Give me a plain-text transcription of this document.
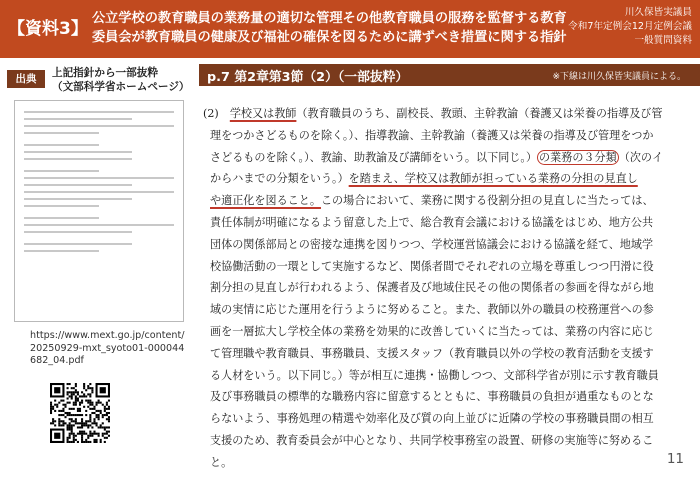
【資料3】
公立学校の教育職員の業務量の適切な管理その他教育職員の服務を監督する教育
委員会が教育職員の健康及び福祉の確保を図るために講ずべき措置に関する指針
川久保皆実議員
令和7年定例会12月定例会議
一般質問資料
出典	上記指針から一部抜粋
（文部科学省ホームページ）
https://www.mext.go.jp/content/20250929-mxt_syoto01-000044682_04.pdf
p.7 第2章第3節（2）（一部抜粋）	※下線は川久保皆実議員による。
(2)　学校又は教師（教育職員のうち、副校長、教頭、主幹教諭（養護又は栄養の指導及び管
理をつかさどるものを除く。）、指導教諭、主幹教諭（養護又は栄養の指導及び管理をつか
さどるものを除く。）、教諭、助教諭及び講師をいう。以下同じ。） の業務の３分類 （次のイ
からハまでの分類をいう。）を踏まえ、学校又は教師が担っている業務の分担の見直し
や適正化を図ること。この場合において、業務に関する役割分担の見直しに当たっては、
責任体制が明確になるよう留意した上で、総合教育会議における協議をはじめ、地方公共
団体の関係部局との密接な連携を図りつつ、学校運営協議会における協議を経て、地域学
校協働活動の一環として実施するなど、関係者間でそれぞれの立場を尊重しつつ円滑に役
割分担の見直しが行われるよう、保護者及び地域住民その他の関係者の参画を得ながら地
域の実情に応じた運用を行うように努めること。また、教師以外の職員の校務運営への参
画を一層拡大し学校全体の業務を効果的に改善していくに当たっては、業務の内容に応じ
て管理職や教育職員、事務職員、支援スタッフ（教育職員以外の学校の教育活動を支援す
る人材をいう。以下同じ。）等が相互に連携・協働しつつ、文部科学省が別に示す教育職員
及び事務職員の標準的な職務内容に留意するとともに、事務職員の負担が過重なものとな
らないよう、事務処理の精選や効率化及び質の向上並びに近隣の学校の事務職員間の相互
支援のため、教育委員会が中心となり、共同学校事務室の設置、研修の実施等に努めるこ
と。	11
